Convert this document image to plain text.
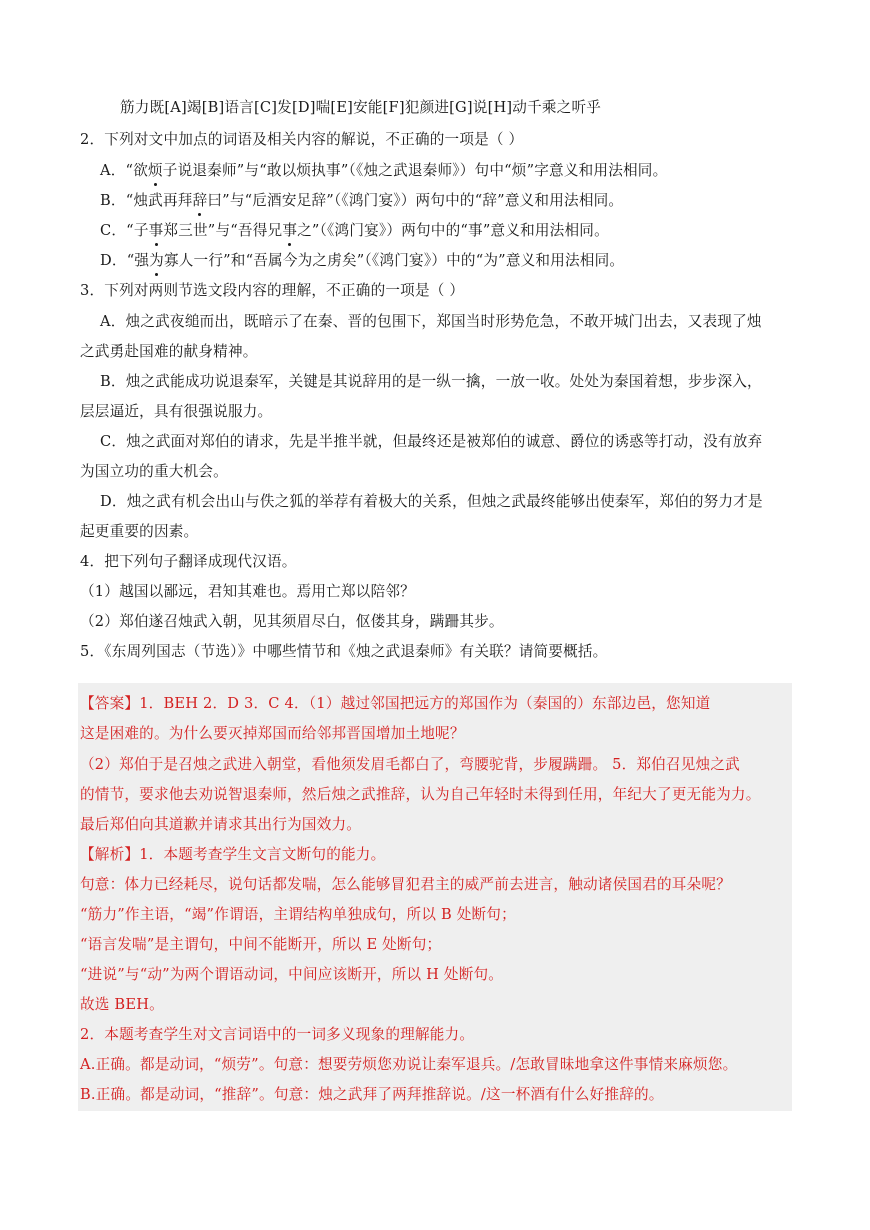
筋力既[A]竭[B]语言[C]发[D]喘[E]安能[F]犯颜进[G]说[H]动千乘之听乎
2．下列对文中加点的词语及相关内容的解说，不正确的一项是（ ）
A．“欲烦子说退秦师”与“敢以烦执事”（《烛之武退秦师》）句中“烦”字意义和用法相同。
B．“烛武再拜辞曰”与“卮酒安足辞”（《鸿门宴》）两句中的“辞”意义和用法相同。
C．“子事郑三世”与“吾得兄事之”（《鸿门宴》）两句中的“事”意义和用法相同。
D．“强为寡人一行”和“吾属今为之虏矣”（《鸿门宴》）中的“为”意义和用法相同。
3．下列对两则节选文段内容的理解，不正确的一项是（ ）
A．烛之武夜缒而出，既暗示了在秦、晋的包围下，郑国当时形势危急，不敢开城门出去，又表现了烛
之武勇赴国难的献身精神。
B．烛之武能成功说退秦军，关键是其说辞用的是一纵一擒，一放一收。处处为秦国着想，步步深入，
层层逼近，具有很强说服力。
C．烛之武面对郑伯的请求，先是半推半就，但最终还是被郑伯的诚意、爵位的诱惑等打动，没有放弃
为国立功的重大机会。
D．烛之武有机会出山与佚之狐的举荐有着极大的关系，但烛之武最终能够出使秦军，郑伯的努力才是
起更重要的因素。
4．把下列句子翻译成现代汉语。
（1）越国以鄙远，君知其难也。焉用亡郑以陪邻？
（2）郑伯遂召烛武入朝，见其须眉尽白，伛偻其身，蹒跚其步。
5．《东周列国志（节选）》中哪些情节和《烛之武退秦师》有关联？请简要概括。
【答案】1．BEH 2．D 3．C 4．（1）越过邻国把远方的郑国作为（秦国的）东部边邑，您知道
这是困难的。为什么要灭掉郑国而给邻邦晋国增加土地呢？
（2）郑伯于是召烛之武进入朝堂，看他须发眉毛都白了，弯腰驼背，步履蹒跚。 5．郑伯召见烛之武
的情节，要求他去劝说智退秦师，然后烛之武推辞，认为自己年轻时未得到任用，年纪大了更无能为力。
最后郑伯向其道歉并请求其出行为国效力。
【解析】1．本题考查学生文言文断句的能力。
句意：体力已经耗尽，说句话都发喘，怎么能够冒犯君主的威严前去进言，触动诸侯国君的耳朵呢？
“筋力”作主语，“竭”作谓语，主谓结构单独成句，所以 B 处断句；
“语言发喘”是主谓句，中间不能断开，所以 E 处断句；
“进说”与“动”为两个谓语动词，中间应该断开，所以 H 处断句。
故选 BEH。
2．本题考查学生对文言词语中的一词多义现象的理解能力。
A.正确。都是动词，“烦劳”。句意：想要劳烦您劝说让秦军退兵。/怎敢冒昧地拿这件事情来麻烦您。
B.正确。都是动词，“推辞”。句意：烛之武拜了两拜推辞说。/这一杯酒有什么好推辞的。
